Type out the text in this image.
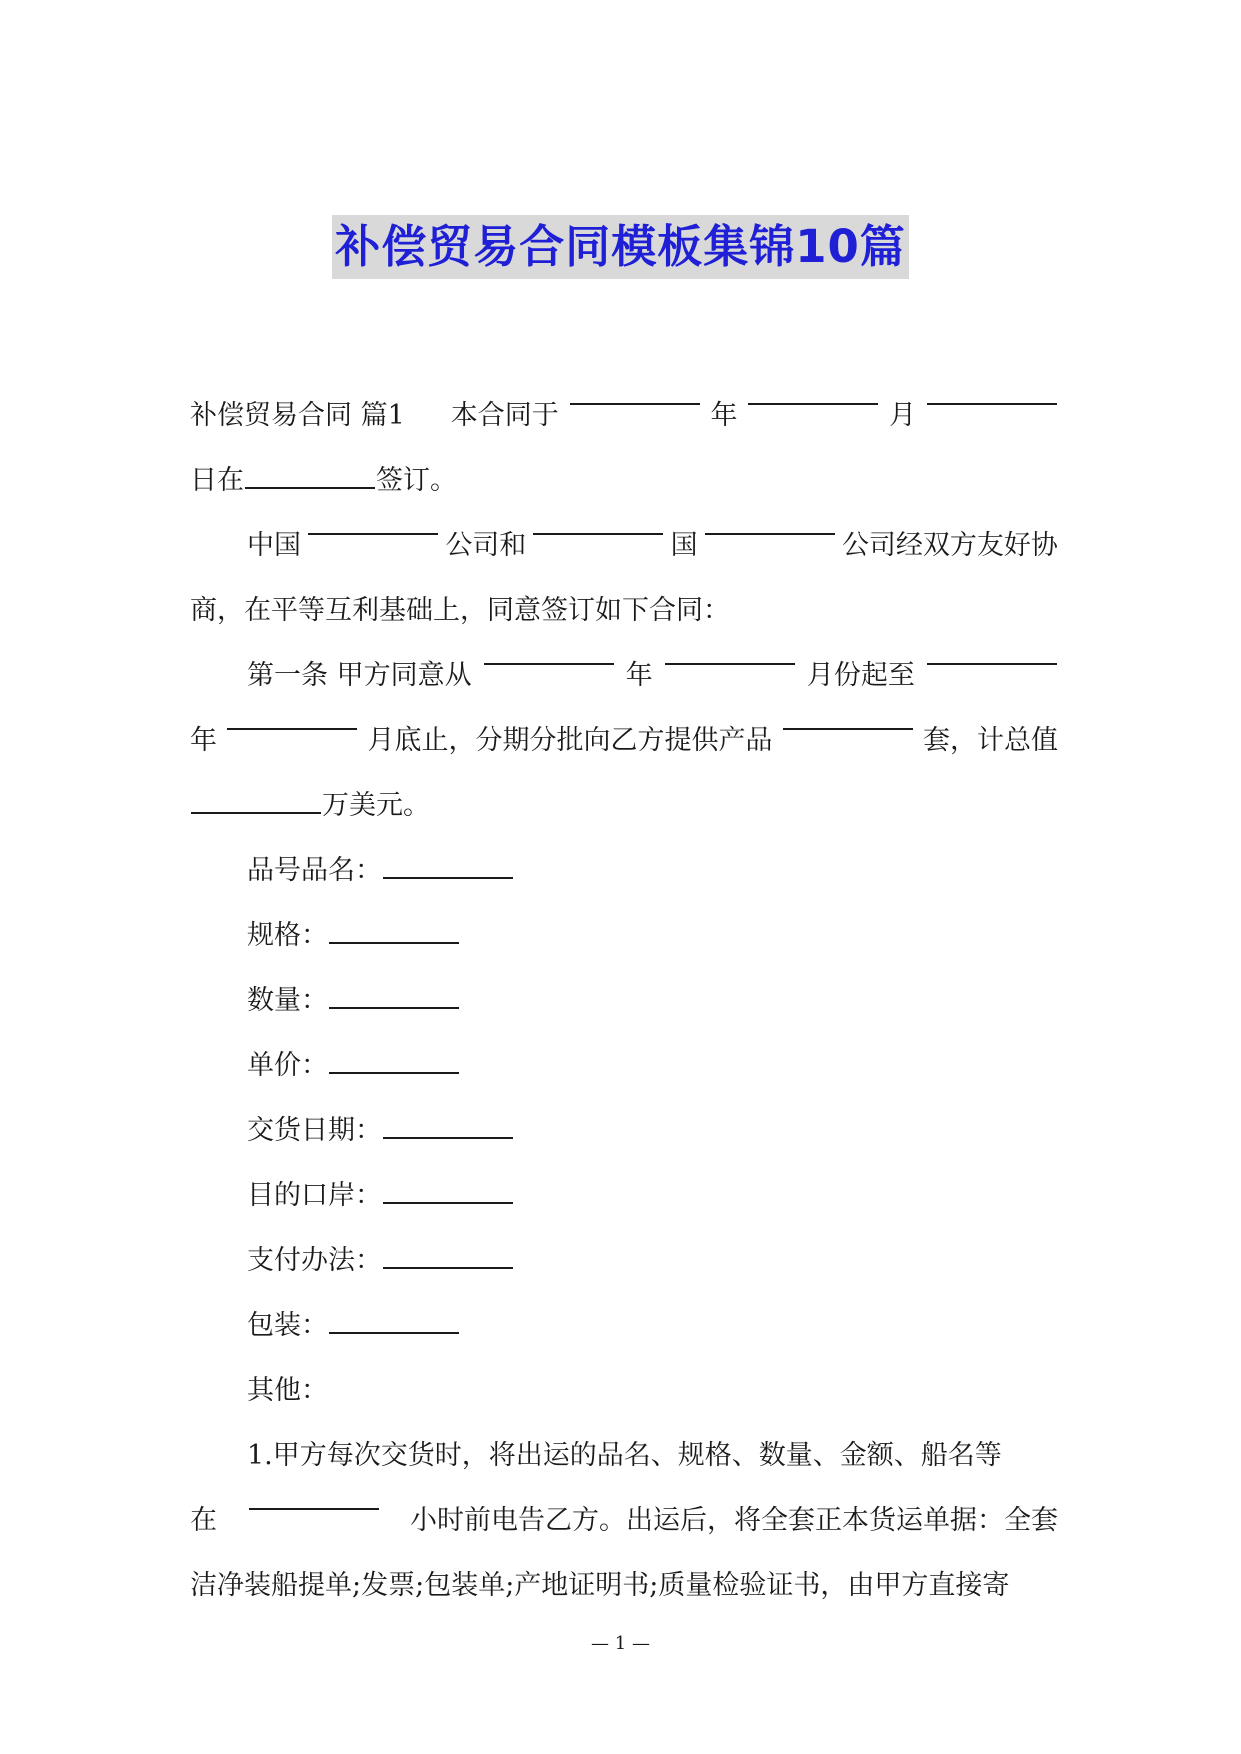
补偿贸易合同模板集锦10篇
补偿贸易合同 篇1 本合同于	年	月
日在	签订。
中国	公司和	国	公司经双方友好协
商，在平等互利基础上，同意签订如下合同：
第一条 甲方同意从	年	月份起至
年	月底止，分期分批向乙方提供产品	套，计总值
万美元。
品号品名：
规格：
数量：
单价：
交货日期：
目的口岸：
支付办法：
包装：
其他：
1.甲方每次交货时，将出运的品名、规格、数量、金额、船名等
在	小时前电告乙方。出运后，将全套正本货运单据：全套
洁净装船提单;发票;包装单;产地证明书;质量检验证书，由甲方直接寄
— 1 —
